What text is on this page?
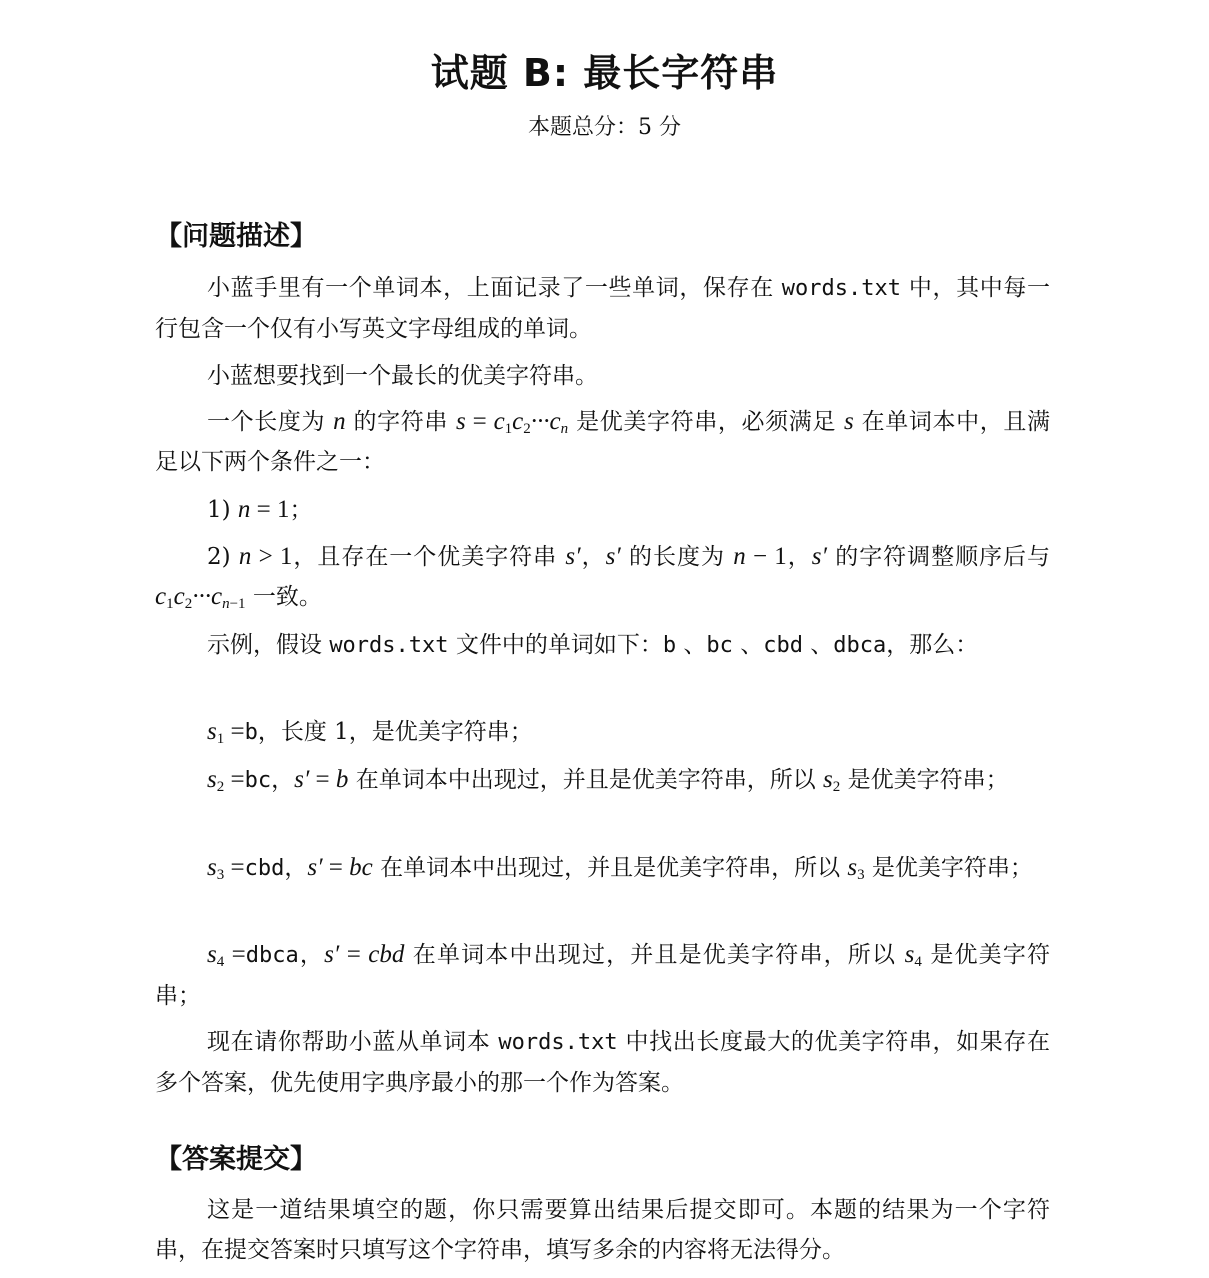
试题 B: 最长字符串
本题总分：5 分
【问题描述】
小蓝手里有一个单词本，上面记录了一些单词，保存在 words.txt 中，其中每一行包含一个仅有小写英文字母组成的单词。
小蓝想要找到一个最长的优美字符串。
一个长度为 n 的字符串 $s = c_1c_2\cdot\cdot\cdot c_n$ 是优美字符串，必须满足 s 在单词本中，且满足以下两个条件之一：
1) n = 1；
2) n > 1，且存在一个优美字符串 s′，s′ 的长度为 n − 1，s′ 的字符调整顺序后与 $c_1c_2\cdot\cdot\cdot c_{n-1}$ 一致。
示例，假设 words.txt 文件中的单词如下：b 、bc 、cbd 、dbca，那么：
$s_1 =b$，长度 1，是优美字符串；
$s_2 =bc$，s′ = b 在单词本中出现过，并且是优美字符串，所以 $s_2$ 是优美字符串；
$s_3 =cbd$，s′ = bc 在单词本中出现过，并且是优美字符串，所以 $s_3$ 是优美字符串；
$s_4$ =dbca，s′ = cbd 在单词本中出现过，并且是优美字符串，所以 $s_4$ 是优美字符串；
现在请你帮助小蓝从单词本 words.txt 中找出长度最大的优美字符串，如果存在多个答案，优先使用字典序最小的那一个作为答案。
【答案提交】
这是一道结果填空的题，你只需要算出结果后提交即可。本题的结果为一个字符串，在提交答案时只填写这个字符串，填写多余的内容将无法得分。
